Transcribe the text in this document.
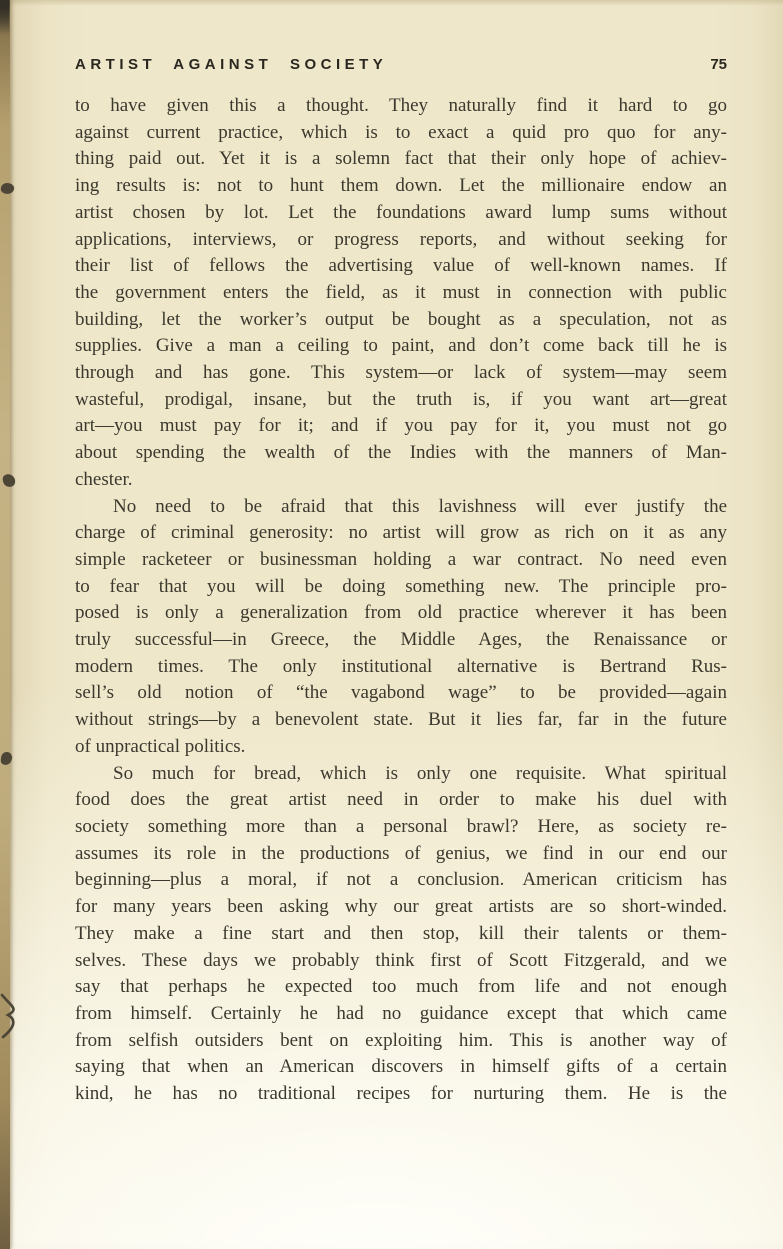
ARTIST AGAINST SOCIETY	75
to have given this a thought. They naturally find it hard to go
against current practice, which is to exact a quid pro quo for any-
thing paid out. Yet it is a solemn fact that their only hope of achiev-
ing results is: not to hunt them down. Let the millionaire endow an
artist chosen by lot. Let the foundations award lump sums without
applications, interviews, or progress reports, and without seeking for
their list of fellows the advertising value of well-known names. If
the government enters the field, as it must in connection with public
building, let the worker’s output be bought as a speculation, not as
supplies. Give a man a ceiling to paint, and don’t come back till he is
through and has gone. This system—or lack of system—may seem
wasteful, prodigal, insane, but the truth is, if you want art—great
art—you must pay for it; and if you pay for it, you must not go
about spending the wealth of the Indies with the manners of Man-
chester.
No need to be afraid that this lavishness will ever justify the
charge of criminal generosity: no artist will grow as rich on it as any
simple racketeer or businessman holding a war contract. No need even
to fear that you will be doing something new. The principle pro-
posed is only a generalization from old practice wherever it has been
truly successful—in Greece, the Middle Ages, the Renaissance or
modern times. The only institutional alternative is Bertrand Rus-
sell’s old notion of “the vagabond wage” to be provided—again
without strings—by a benevolent state. But it lies far, far in the future
of unpractical politics.
So much for bread, which is only one requisite. What spiritual
food does the great artist need in order to make his duel with
society something more than a personal brawl? Here, as society re-
assumes its role in the productions of genius, we find in our end our
beginning—plus a moral, if not a conclusion. American criticism has
for many years been asking why our great artists are so short-winded.
They make a fine start and then stop, kill their talents or them-
selves. These days we probably think first of Scott Fitzgerald, and we
say that perhaps he expected too much from life and not enough
from himself. Certainly he had no guidance except that which came
from selfish outsiders bent on exploiting him. This is another way of
saying that when an American discovers in himself gifts of a certain
kind, he has no traditional recipes for nurturing them. He is the
